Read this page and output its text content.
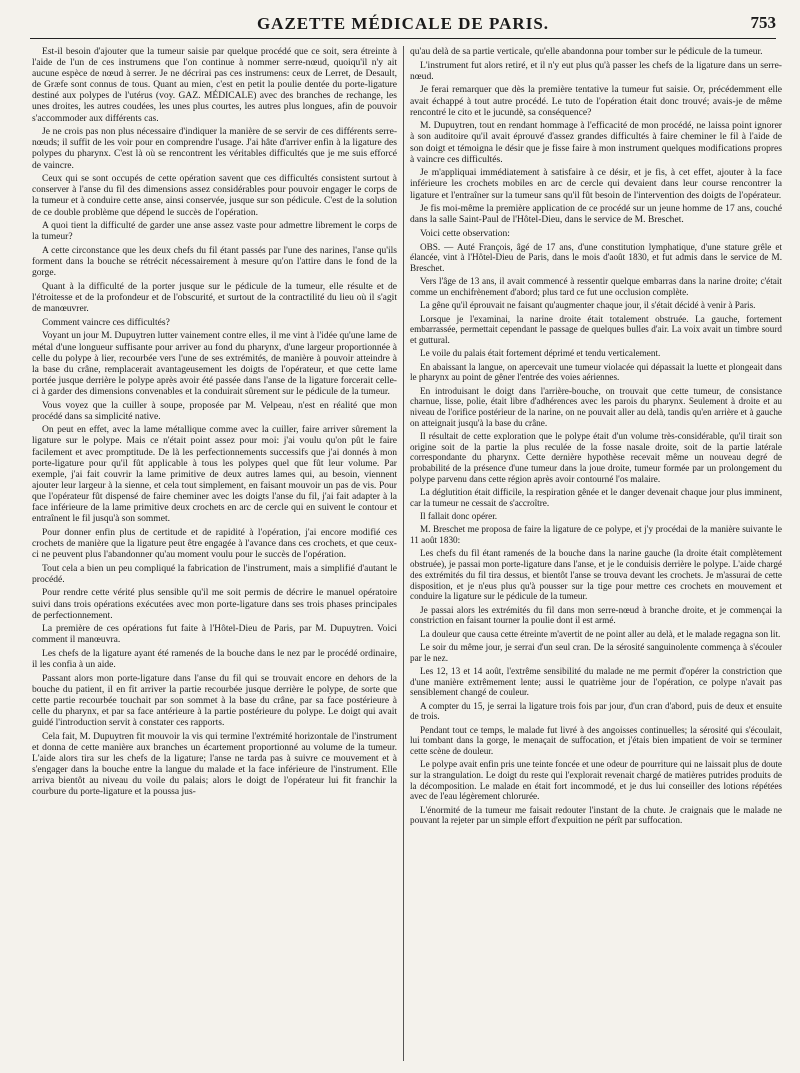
GAZETTE MÉDICALE DE PARIS.	753

Est-il besoin d'ajouter que la tumeur saisie par quelque procédé que ce soit, sera étreinte à l'aide de l'un de ces instrumens que l'on continue à nommer serre-nœud, quoiqu'il n'y ait aucune espèce de nœud à serrer. Je ne décrirai pas ces instrumens: ceux de Lerret, de Desault, de Græfe sont connus de tous. Quant au mien, c'est en petit la poulie dentée du porte-ligature destiné aux polypes de l'utérus (voy. GAZ. MÉDICALE) avec des branches de rechange, les unes droites, les autres coudées, les unes plus courtes, les autres plus longues, afin de pouvoir s'accommoder aux différents cas.

Je ne crois pas non plus nécessaire d'indiquer la manière de se servir de ces différents serre-nœuds; il suffit de les voir pour en comprendre l'usage. J'ai hâte d'arriver enfin à la ligature des polypes du pharynx. C'est là où se rencontrent les véritables difficultés que je me suis efforcé de vaincre.

Ceux qui se sont occupés de cette opération savent que ces difficultés consistent surtout à conserver à l'anse du fil des dimensions assez considérables pour pouvoir engager le corps de la tumeur et à conduire cette anse, ainsi conservée, jusque sur son pédicule. C'est de la solution de ce double problème que dépend le succès de l'opération.

A quoi tient la difficulté de garder une anse assez vaste pour admettre librement le corps de la tumeur?

A cette circonstance que les deux chefs du fil étant passés par l'une des narines, l'anse qu'ils forment dans la bouche se rétrécit nécessairement à mesure qu'on l'attire dans le fond de la gorge.

Quant à la difficulté de la porter jusque sur le pédicule de la tumeur, elle résulte et de l'étroitesse et de la profondeur et de l'obscurité, et surtout de la contractilité du lieu où il s'agit de manœuvrer.

Comment vaincre ces difficultés?

Voyant un jour M. Dupuytren lutter vainement contre elles, il me vint à l'idée qu'une lame de métal d'une longueur suffisante pour arriver au fond du pharynx, d'une largeur proportionnée à celle du polype à lier, recourbée vers l'une de ses extrémités, de manière à pouvoir atteindre à la base du crâne, remplacerait avantageusement les doigts de l'opérateur, et que cette lame portée jusque derrière le polype après avoir été passée dans l'anse de la ligature forcerait celle-ci à garder des dimensions convenables et la conduirait sûrement sur le pédicule de la tumeur.

Vous voyez que la cuiller à soupe, proposée par M. Velpeau, n'est en réalité que mon procédé dans sa simplicité native.

On peut en effet, avec la lame métallique comme avec la cuiller, faire arriver sûrement la ligature sur le polype. Mais ce n'était point assez pour moi: j'ai voulu qu'on pût le faire facilement et avec promptitude. De là les perfectionnements successifs que j'ai donnés à mon porte-ligature pour qu'il fût applicable à tous les polypes quel que fût leur volume. Par exemple, j'ai fait couvrir la lame primitive de deux autres lames qui, au besoin, viennent ajouter leur largeur à la sienne, et cela tout simplement, en faisant mouvoir un pas de vis. Pour que l'opérateur fût dispensé de faire cheminer avec les doigts l'anse du fil, j'ai fait adapter à la face inférieure de la lame primitive deux crochets en arc de cercle qui en suivent le contour et entraînent le fil jusqu'à son sommet.

Pour donner enfin plus de certitude et de rapidité à l'opération, j'ai encore modifié ces crochets de manière que la ligature peut être engagée à l'avance dans ces crochets, et que ceux-ci ne peuvent plus l'abandonner qu'au moment voulu pour le succès de l'opération.

Tout cela a bien un peu compliqué la fabrication de l'instrument, mais a simplifié d'autant le procédé.

Pour rendre cette vérité plus sensible qu'il me soit permis de décrire le manuel opératoire suivi dans trois opérations exécutées avec mon porte-ligature dans ses trois phases principales de perfectionnement.

La première de ces opérations fut faite à l'Hôtel-Dieu de Paris, par M. Dupuytren. Voici comment il manœuvra.

Les chefs de la ligature ayant été ramenés de la bouche dans le nez par le procédé ordinaire, il les confia à un aide.

Passant alors mon porte-ligature dans l'anse du fil qui se trouvait encore en dehors de la bouche du patient, il en fit arriver la partie recourbée jusque derrière le polype, de sorte que cette partie recourbée touchait par son sommet à la base du crâne, par sa face postérieure à celle du pharynx, et par sa face antérieure à la partie postérieure du polype. Le doigt qui avait guidé l'introduction servit à constater ces rapports.

Cela fait, M. Dupuytren fit mouvoir la vis qui termine l'extrémité horizontale de l'instrument et donna de cette manière aux branches un écartement proportionné au volume de la tumeur. L'aide alors tira sur les chefs de la ligature; l'anse ne tarda pas à suivre ce mouvement et à s'engager dans la bouche entre la langue du malade et la face inférieure de l'instrument. Elle arriva bientôt au niveau du voile du palais; alors le doigt de l'opérateur lui fit franchir la courbure du porte-ligature et la poussa jus-

qu'au delà de sa partie verticale, qu'elle abandonna pour tomber sur le pédicule de la tumeur.

L'instrument fut alors retiré, et il n'y eut plus qu'à passer les chefs de la ligature dans un serre-nœud.

Je ferai remarquer que dès la première tentative la tumeur fut saisie. Or, précédemment elle avait échappé à tout autre procédé. Le tuto de l'opération était donc trouvé; avais-je de même rencontré le cito et le jucundè, sa conséquence?

M. Dupuytren, tout en rendant hommage à l'efficacité de mon procédé, ne laissa point ignorer à son auditoire qu'il avait éprouvé d'assez grandes difficultés à faire cheminer le fil à l'aide de son doigt et témoigna le désir que je fisse faire à mon instrument quelques modifications propres à vaincre ces difficultés.

Je m'appliquai immédiatement à satisfaire à ce désir, et je fis, à cet effet, ajouter à la face inférieure les crochets mobiles en arc de cercle qui devaient dans leur course rencontrer la ligature et l'entraîner sur la tumeur sans qu'il fût besoin de l'intervention des doigts de l'opérateur.

Je fis moi-même la première application de ce procédé sur un jeune homme de 17 ans, couché dans la salle Saint-Paul de l'Hôtel-Dieu, dans le service de M. Breschet.

Voici cette observation:

OBS. — Auté François, âgé de 17 ans, d'une constitution lymphatique, d'une stature grêle et élancée, vint à l'Hôtel-Dieu de Paris, dans le mois d'août 1830, et fut admis dans le service de M. Breschet.

Vers l'âge de 13 ans, il avait commencé à ressentir quelque embarras dans la narine droite; c'était comme un enchifrènement d'abord; plus tard ce fut une occlusion complète.

La gêne qu'il éprouvait ne faisant qu'augmenter chaque jour, il s'était décidé à venir à Paris.

Lorsque je l'examinai, la narine droite était totalement obstruée. La gauche, fortement embarrassée, permettait cependant le passage de quelques bulles d'air. La voix avait un timbre sourd et guttural.

Le voile du palais était fortement déprimé et tendu verticalement.

En abaissant la langue, on apercevait une tumeur violacée qui dépassait la luette et plongeait dans le pharynx au point de gêner l'entrée des voies aériennes.

En introduisant le doigt dans l'arrière-bouche, on trouvait que cette tumeur, de consistance charnue, lisse, polie, était libre d'adhérences avec les parois du pharynx. Seulement à droite et au niveau de l'orifice postérieur de la narine, on ne pouvait aller au delà, tandis qu'en arrière et à gauche on atteignait jusqu'à la base du crâne.

Il résultait de cette exploration que le polype était d'un volume très-considérable, qu'il tirait son origine soit de la partie la plus reculée de la fosse nasale droite, soit de la partie latérale correspondante du pharynx. Cette dernière hypothèse recevait même un nouveau degré de probabilité de la présence d'une tumeur dans la joue droite, tumeur formée par un prolongement du polype parvenu dans cette région après avoir contourné l'os malaire.

La déglutition était difficile, la respiration gênée et le danger devenait chaque jour plus imminent, car la tumeur ne cessait de s'accroître.

Il fallait donc opérer.

M. Breschet me proposa de faire la ligature de ce polype, et j'y procédai de la manière suivante le 11 août 1830:

Les chefs du fil étant ramenés de la bouche dans la narine gauche (la droite était complètement obstruée), je passai mon porte-ligature dans l'anse, et je le conduisis derrière le polype. L'aide chargé des extrémités du fil tira dessus, et bientôt l'anse se trouva devant les crochets. Je m'assurai de cette disposition, et je n'eus plus qu'à pousser sur la tige pour mettre ces crochets en mouvement et conduire la ligature sur le pédicule de la tumeur.

Je passai alors les extrémités du fil dans mon serre-nœud à branche droite, et je commençai la constriction en faisant tourner la poulie dont il est armé.

La douleur que causa cette étreinte m'avertit de ne point aller au delà, et le malade regagna son lit.

Le soir du même jour, je serrai d'un seul cran. De la sérosité sanguinolente commença à s'écouler par le nez.

Les 12, 13 et 14 août, l'extrême sensibilité du malade ne me permit d'opérer la constriction que d'une manière extrêmement lente; aussi le quatrième jour de l'opération, ce polype n'avait pas sensiblement changé de couleur.

A compter du 15, je serrai la ligature trois fois par jour, d'un cran d'abord, puis de deux et ensuite de trois.

Pendant tout ce temps, le malade fut livré à des angoisses continuelles; la sérosité qui s'écoulait, lui tombant dans la gorge, le menaçait de suffocation, et j'étais bien impatient de voir se terminer cette scène de douleur.

Le polype avait enfin pris une teinte foncée et une odeur de pourriture qui ne laissait plus de doute sur la strangulation. Le doigt du reste qui l'explorait revenait chargé de matières putrides produits de la décomposition. Le malade en était fort incommodé, et je dus lui conseiller des lotions répétées avec de l'eau légèrement chlorurée.

L'énormité de la tumeur me faisait redouter l'instant de la chute. Je craignais que le malade ne pouvant la rejeter par un simple effort d'expuition ne pérît par suffocation.
